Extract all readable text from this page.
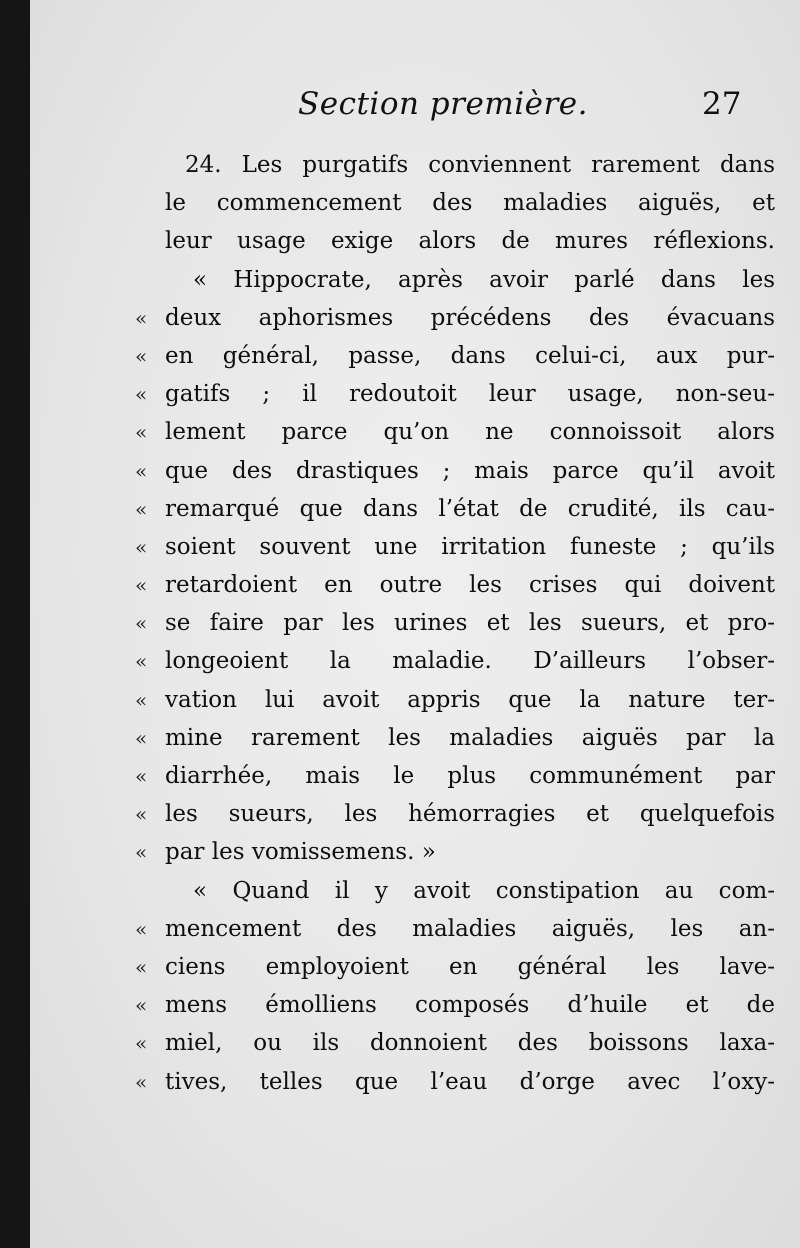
Section première.	27
24. Les purgatifs conviennent rarement dans
le commencement des maladies aiguës, et
leur usage exige alors de mures réflexions.
« Hippocrate, après avoir parlé dans les
« deux aphorismes précédens des évacuans
« en général, passe, dans celui-ci, aux pur-
« gatifs ; il redoutoit leur usage, non-seu-
« lement parce qu’on ne connoissoit alors
« que des drastiques ; mais parce qu’il avoit
« remarqué que dans l’état de crudité, ils cau-
« soient souvent une irritation funeste ; qu’ils
« retardoient en outre les crises qui doivent
« se faire par les urines et les sueurs, et pro-
« longeoient la maladie. D’ailleurs l’obser-
« vation lui avoit appris que la nature ter-
« mine rarement les maladies aiguës par la
« diarrhée, mais le plus communément par
« les sueurs, les hémorragies et quelquefois
« par les vomissemens. »
« Quand il y avoit constipation au com-
« mencement des maladies aiguës, les an-
« ciens employoient en général les lave-
« mens émolliens composés d’huile et de
« miel, ou ils donnoient des boissons laxa-
« tives, telles que l’eau d’orge avec l’oxy-
